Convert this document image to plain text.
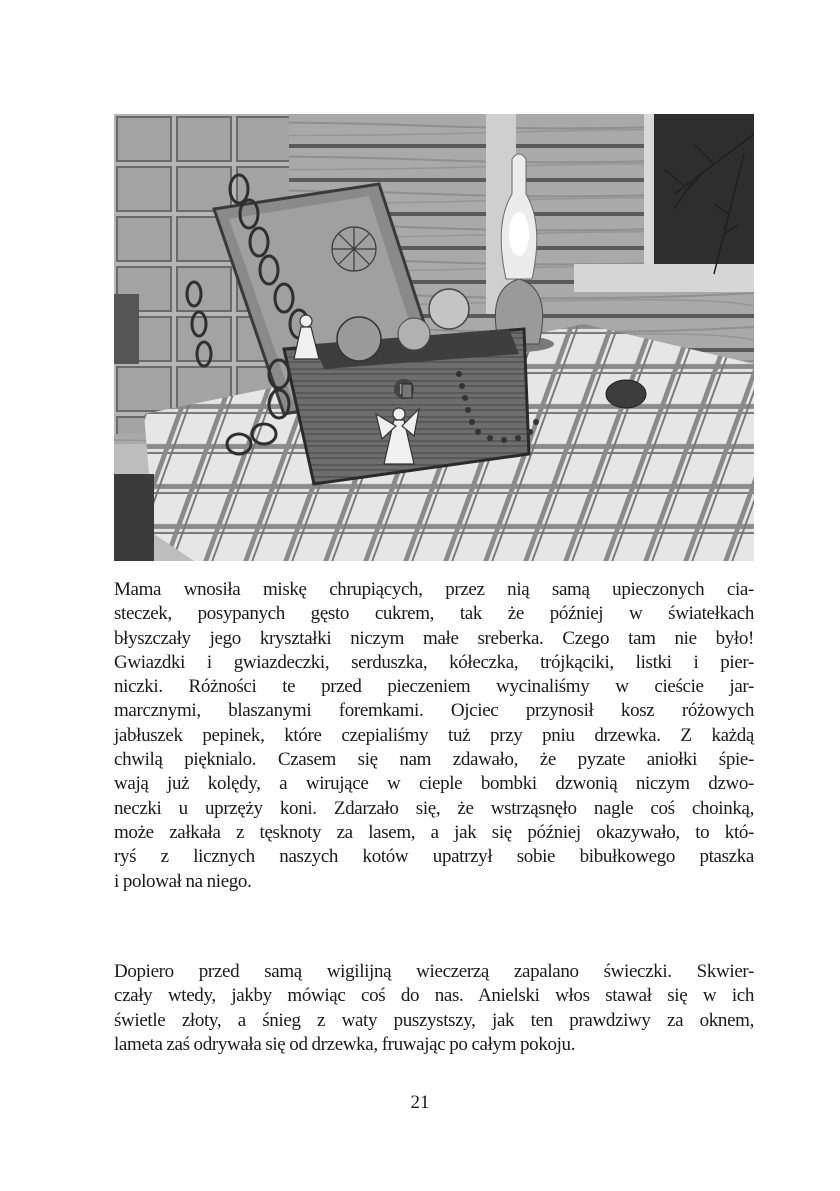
Mama wnosiła miskę chrupiących, przez nią samą upieczonych cia-
steczek, posypanych gęsto cukrem, tak że później w światełkach
błyszczały jego kryształki niczym małe sreberka. Czego tam nie było!
Gwiazdki i gwiazdeczki, serduszka, kółeczka, trójkąciki, listki i pier-
niczki. Różności te przed pieczeniem wycinaliśmy w cieście jar-
marcznymi, blaszanymi foremkami. Ojciec przynosił kosz różowych
jabłuszek pepinek, które czepialiśmy tuż przy pniu drzewka. Z każdą
chwilą pięknialo. Czasem się nam zdawało, że pyzate aniołki śpie-
wają już kolędy, a wirujące w cieple bombki dzwonią niczym dzwo-
neczki u uprzęży koni. Zdarzało się, że wstrząsnęło nagle coś choinką,
może załkała z tęsknoty za lasem, a jak się później okazywało, to któ-
ryś z licznych naszych kotów upatrzył sobie bibułkowego ptaszka
i polował na niego.
Dopiero przed samą wigilijną wieczerzą zapalano świeczki. Skwier-
czały wtedy, jakby mówiąc coś do nas. Anielski włos stawał się w ich
świetle złoty, a śnieg z waty puszystszy, jak ten prawdziwy za oknem,
lameta zaś odrywała się od drzewka, fruwając po całym pokoju.
21
